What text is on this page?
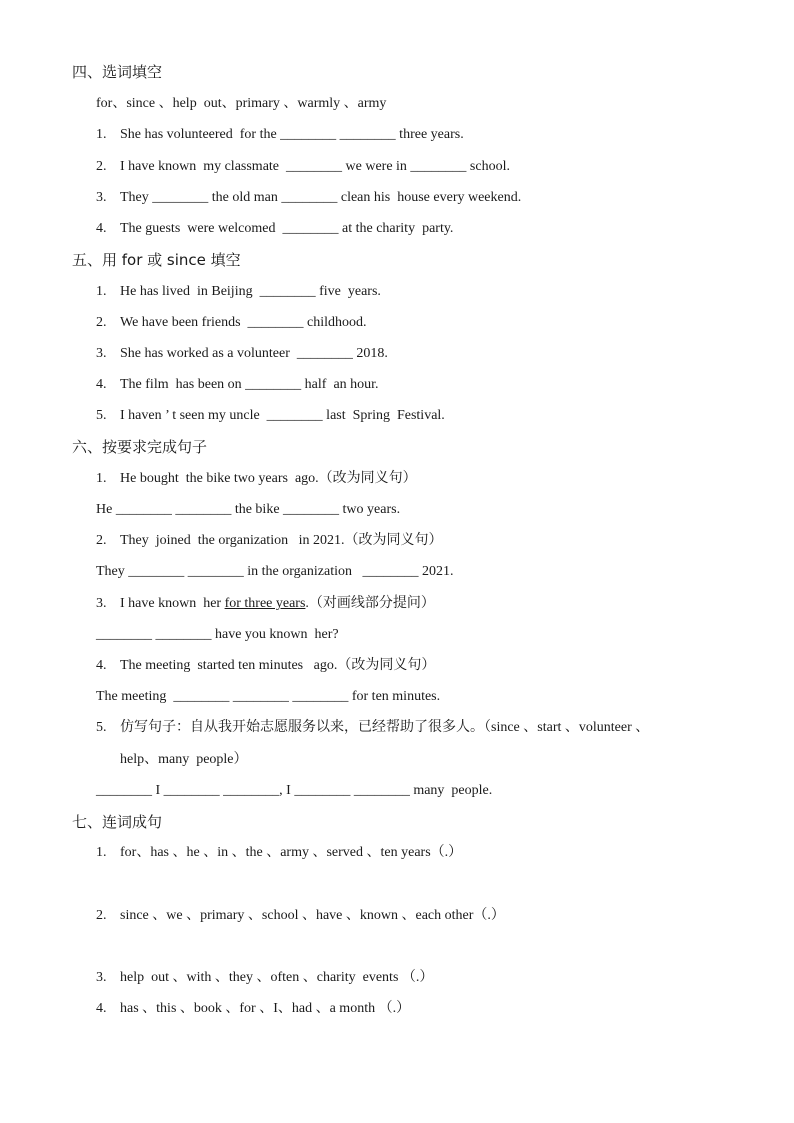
四、选词填空
for、since 、help  out、primary 、warmly 、army
1. She has volunteered  for the ________ ________ three years.
2. I have known  my classmate  ________ we were in ________ school.
3. They ________ the old man ________ clean his  house every weekend.
4. The guests  were welcomed  ________ at the charity  party.
五、用 for 或 since 填空
1. He has lived  in Beijing  ________ five  years.
2. We have been friends  ________ childhood.
3. She has worked as a volunteer  ________ 2018.
4. The film  has been on ________ half  an hour.
5. I haven ’ t seen my uncle  ________ last  Spring  Festival.
六、按要求完成句子
1. He bought  the bike two years  ago.（改为同义句）
He ________ ________ the bike ________ two years.
2. They  joined  the organization   in 2021.（改为同义句）
They ________ ________ in the organization   ________ 2021.
3. I have known  her for three years.（对画线部分提问）
________ ________ have you known  her?
4. The meeting  started ten minutes   ago.（改为同义句）
The meeting  ________ ________ ________ for ten minutes.
5. 仿写句子：自从我开始志愿服务以来，已经帮助了很多人。（since 、start 、volunteer 、
help、many  people）
________ I ________ ________, I ________ ________ many  people.
七、连词成句
1. for、has 、he 、in 、the 、army 、served 、ten years（.）
2. since 、we 、primary 、school 、have 、known 、each other（.）
3. help  out 、with 、they 、often 、charity  events （.）
4. has 、this 、book 、for 、I、had 、a month （.）
